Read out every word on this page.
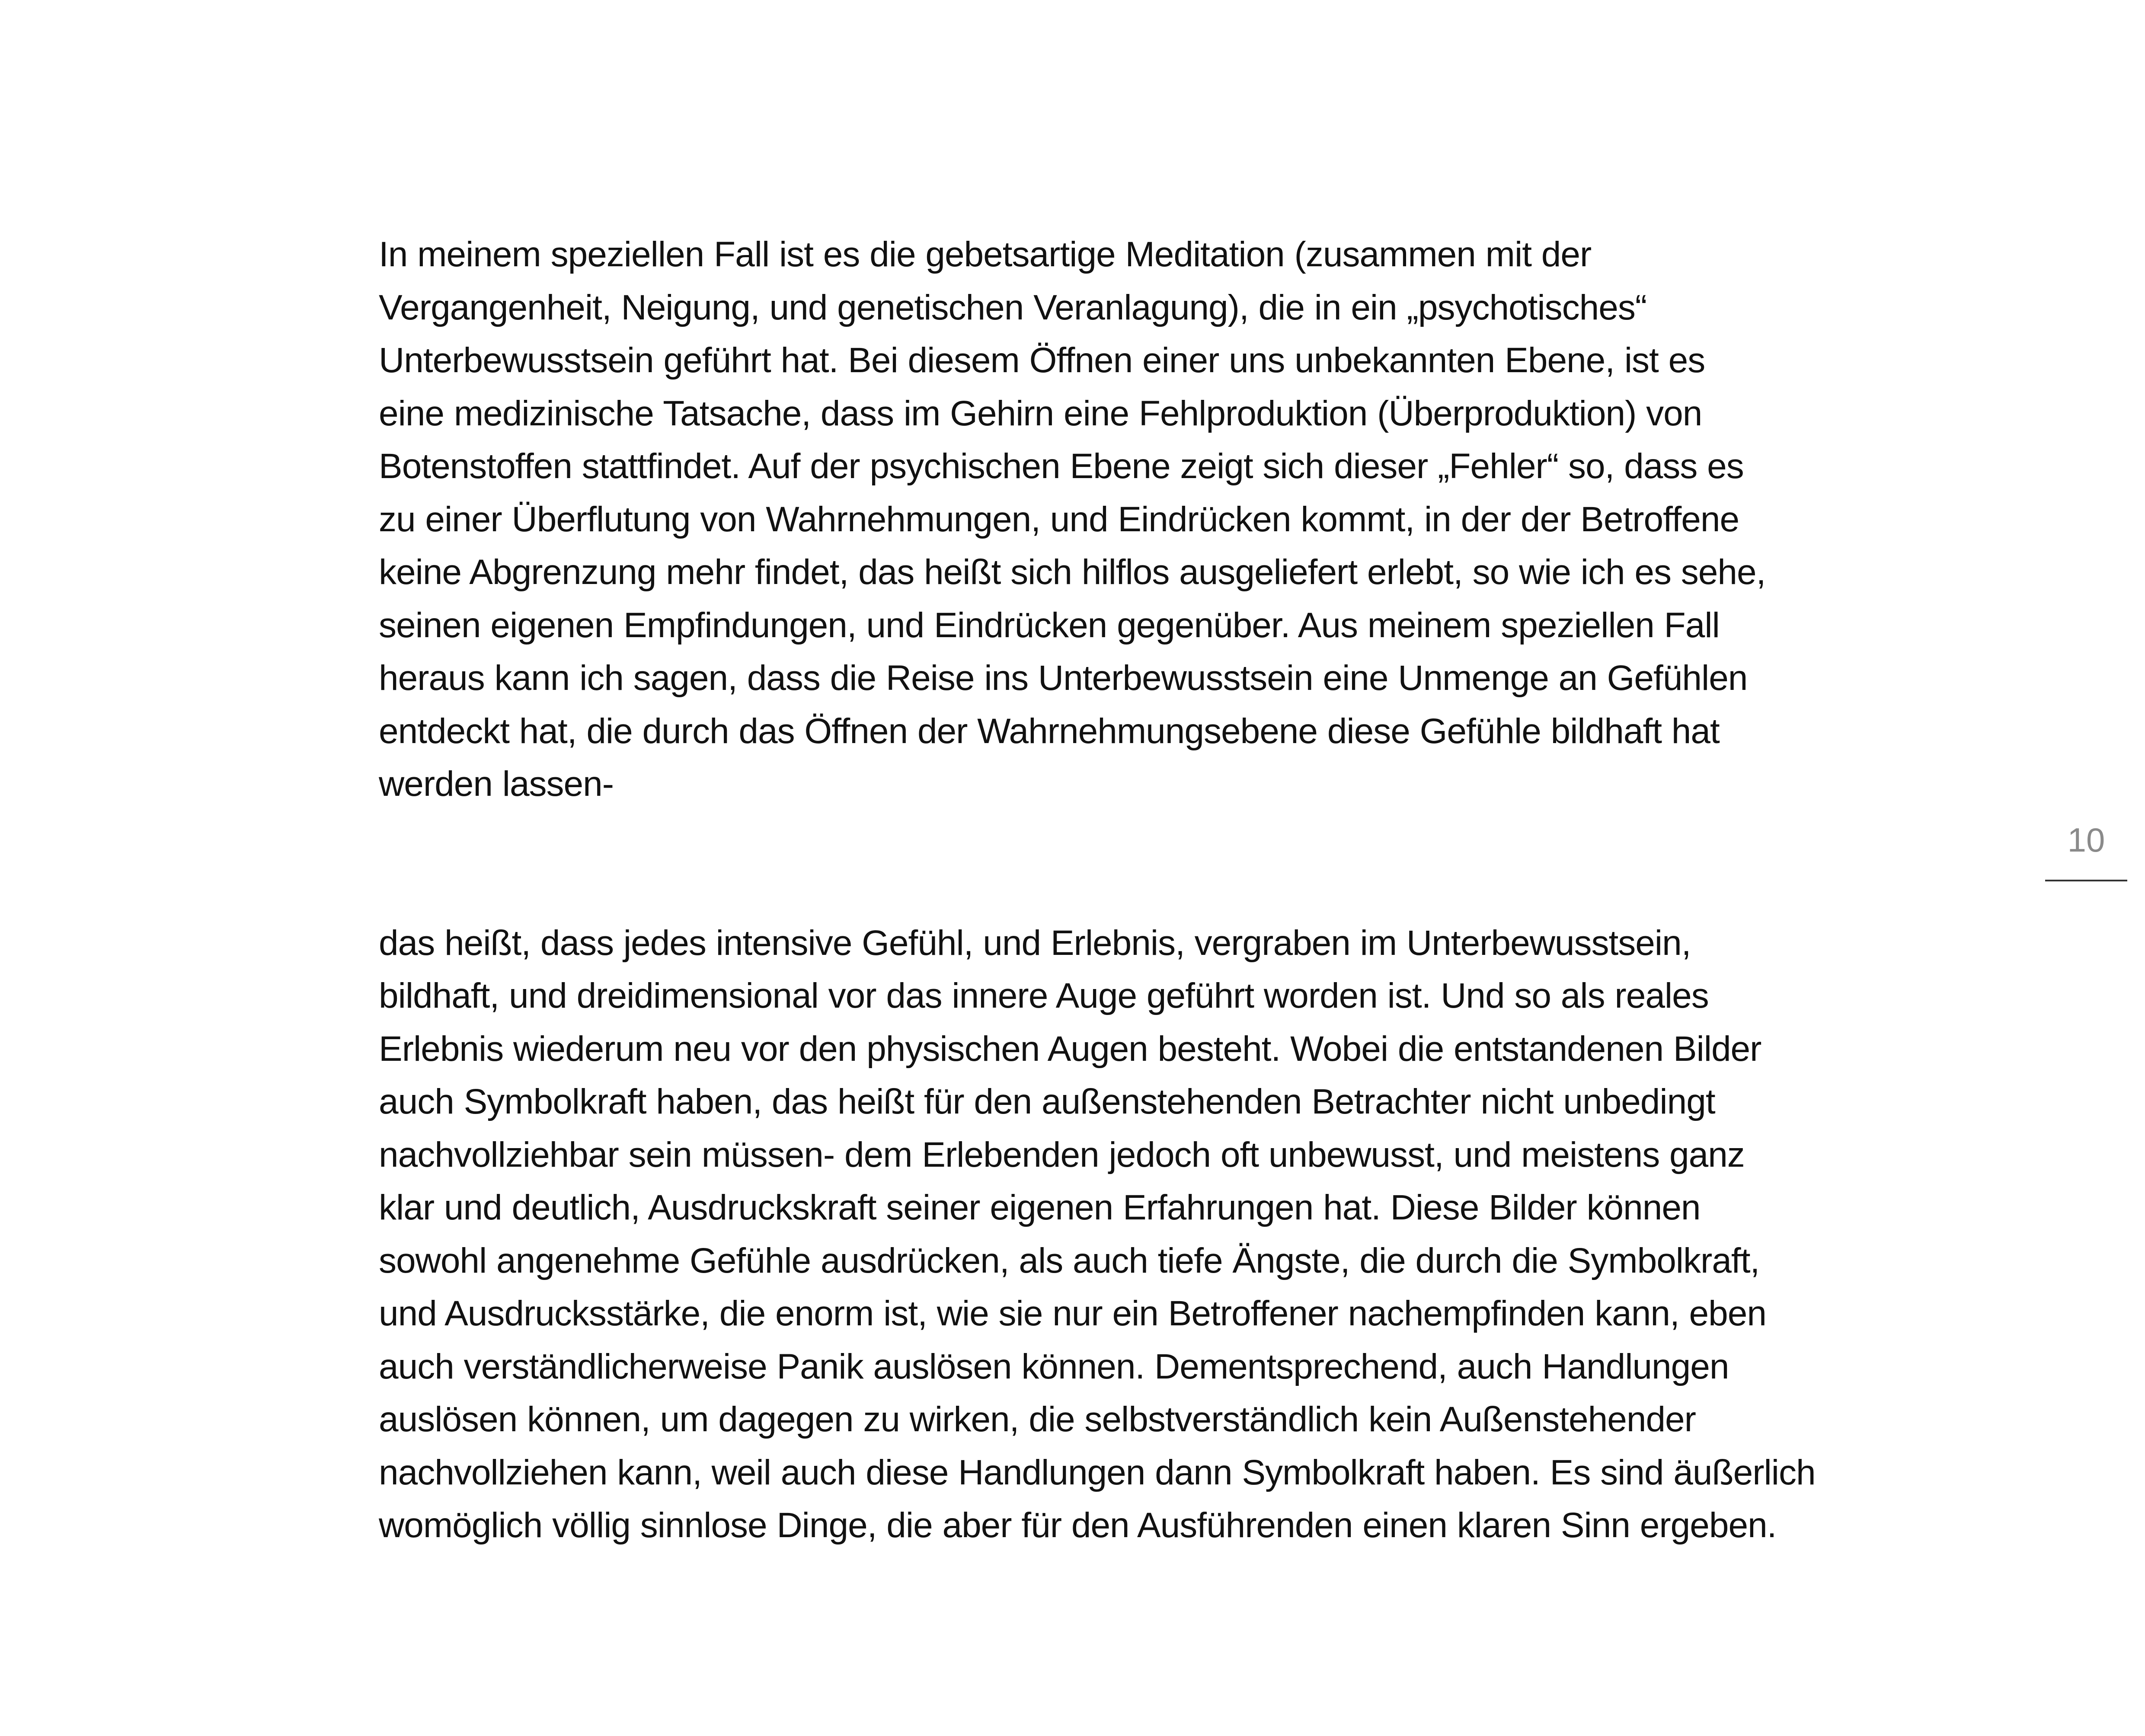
In meinem speziellen Fall ist es die gebetsartige Meditation (zusammen mit der
Vergangenheit, Neigung, und genetischen Veranlagung), die in ein „psychotisches“
Unterbewusstsein geführt hat. Bei diesem Öffnen einer uns unbekannten Ebene, ist es
eine medizinische Tatsache, dass im Gehirn eine Fehlproduktion (Überproduktion) von
Botenstoffen stattfindet. Auf der psychischen Ebene zeigt sich dieser „Fehler“ so, dass es
zu einer Überflutung von Wahrnehmungen, und Eindrücken kommt, in der der Betroffene
keine Abgrenzung mehr findet, das heißt sich hilflos ausgeliefert erlebt, so wie ich es sehe,
seinen eigenen Empfindungen, und Eindrücken gegenüber. Aus meinem speziellen Fall
heraus kann ich sagen, dass die Reise ins Unterbewusstsein eine Unmenge an Gefühlen
entdeckt hat, die durch das Öffnen der Wahrnehmungsebene diese Gefühle bildhaft hat
werden lassen-
das heißt, dass jedes intensive Gefühl, und Erlebnis, vergraben im Unterbewusstsein,
bildhaft, und dreidimensional vor das innere Auge geführt worden ist. Und so als reales
Erlebnis wiederum neu vor den physischen Augen besteht. Wobei die entstandenen Bilder
auch Symbolkraft haben, das heißt für den außenstehenden Betrachter nicht unbedingt
nachvollziehbar sein müssen- dem Erlebenden jedoch oft unbewusst, und meistens ganz
klar und deutlich, Ausdruckskraft seiner eigenen Erfahrungen hat. Diese Bilder können
sowohl angenehme Gefühle ausdrücken, als auch tiefe Ängste, die durch die Symbolkraft,
und Ausdrucksstärke, die enorm ist, wie sie nur ein Betroffener nachempfinden kann, eben
auch verständlicherweise Panik auslösen können. Dementsprechend, auch Handlungen
auslösen können, um dagegen zu wirken, die selbstverständlich kein Außenstehender
nachvollziehen kann, weil auch diese Handlungen dann Symbolkraft haben. Es sind äußerlich
womöglich völlig sinnlose Dinge, die aber für den Ausführenden einen klaren Sinn ergeben.
10
